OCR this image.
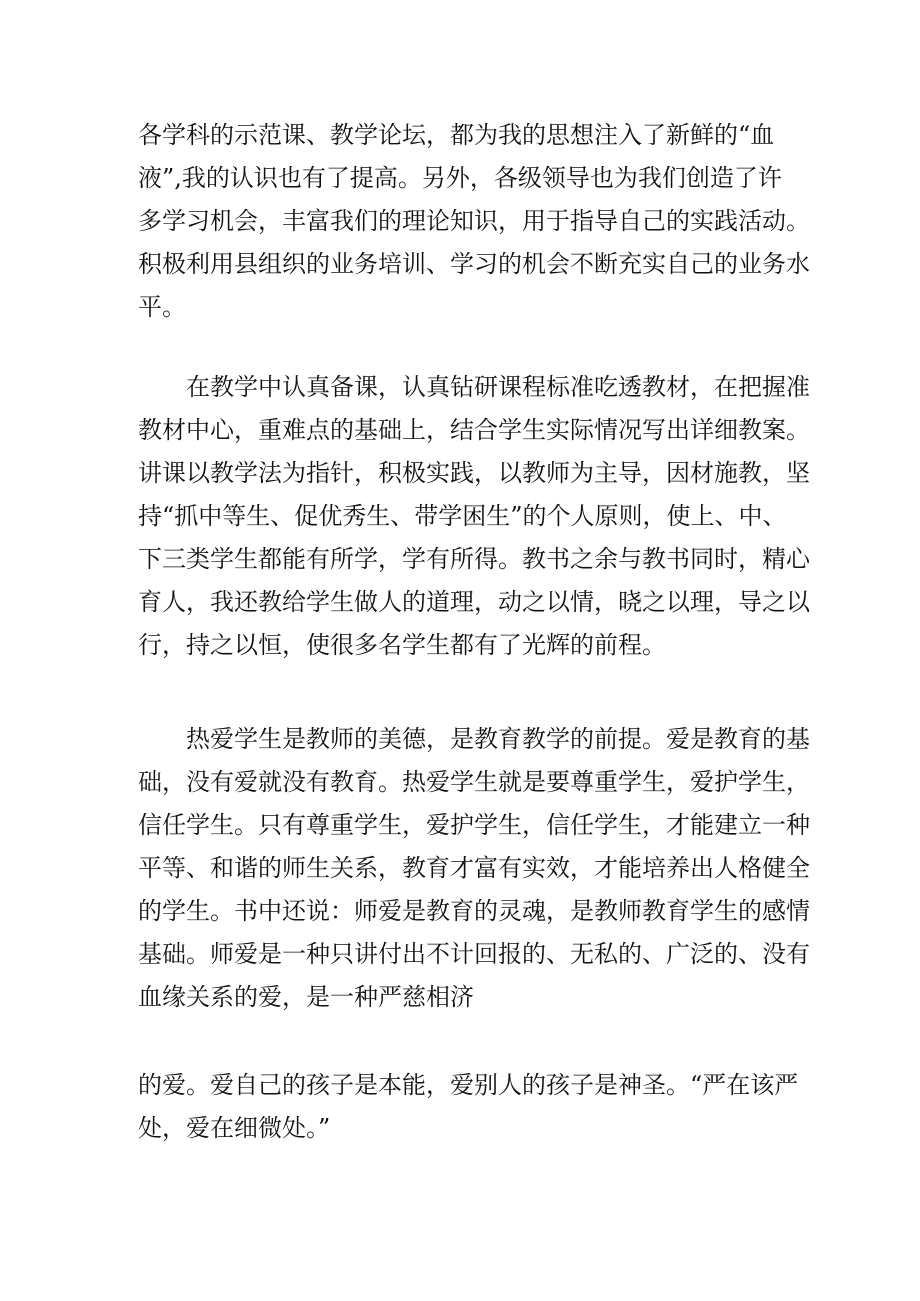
各学科的示范课、教学论坛，都为我的思想注入了新鲜的“血
液”,我的认识也有了提高。另外，各级领导也为我们创造了许
多学习机会，丰富我们的理论知识，用于指导自己的实践活动。
积极利用县组织的业务培训、学习的机会不断充实自己的业务水
平。

在教学中认真备课，认真钻研课程标准吃透教材，在把握准
教材中心，重难点的基础上，结合学生实际情况写出详细教案。
讲课以教学法为指针，积极实践，以教师为主导，因材施教，坚
持“抓中等生、促优秀生、带学困生”的个人原则，使上、中、
下三类学生都能有所学，学有所得。教书之余与教书同时，精心
育人，我还教给学生做人的道理，动之以情，晓之以理，导之以
行，持之以恒，使很多名学生都有了光辉的前程。

热爱学生是教师的美德，是教育教学的前提。爱是教育的基
础，没有爱就没有教育。热爱学生就是要尊重学生，爱护学生，
信任学生。只有尊重学生，爱护学生，信任学生，才能建立一种
平等、和谐的师生关系，教育才富有实效，才能培养出人格健全
的学生。书中还说：师爱是教育的灵魂，是教师教育学生的感情
基础。师爱是一种只讲付出不计回报的、无私的、广泛的、没有
血缘关系的爱，是一种严慈相济

的爱。爱自己的孩子是本能，爱别人的孩子是神圣。“严在该严
处，爱在细微处。”
